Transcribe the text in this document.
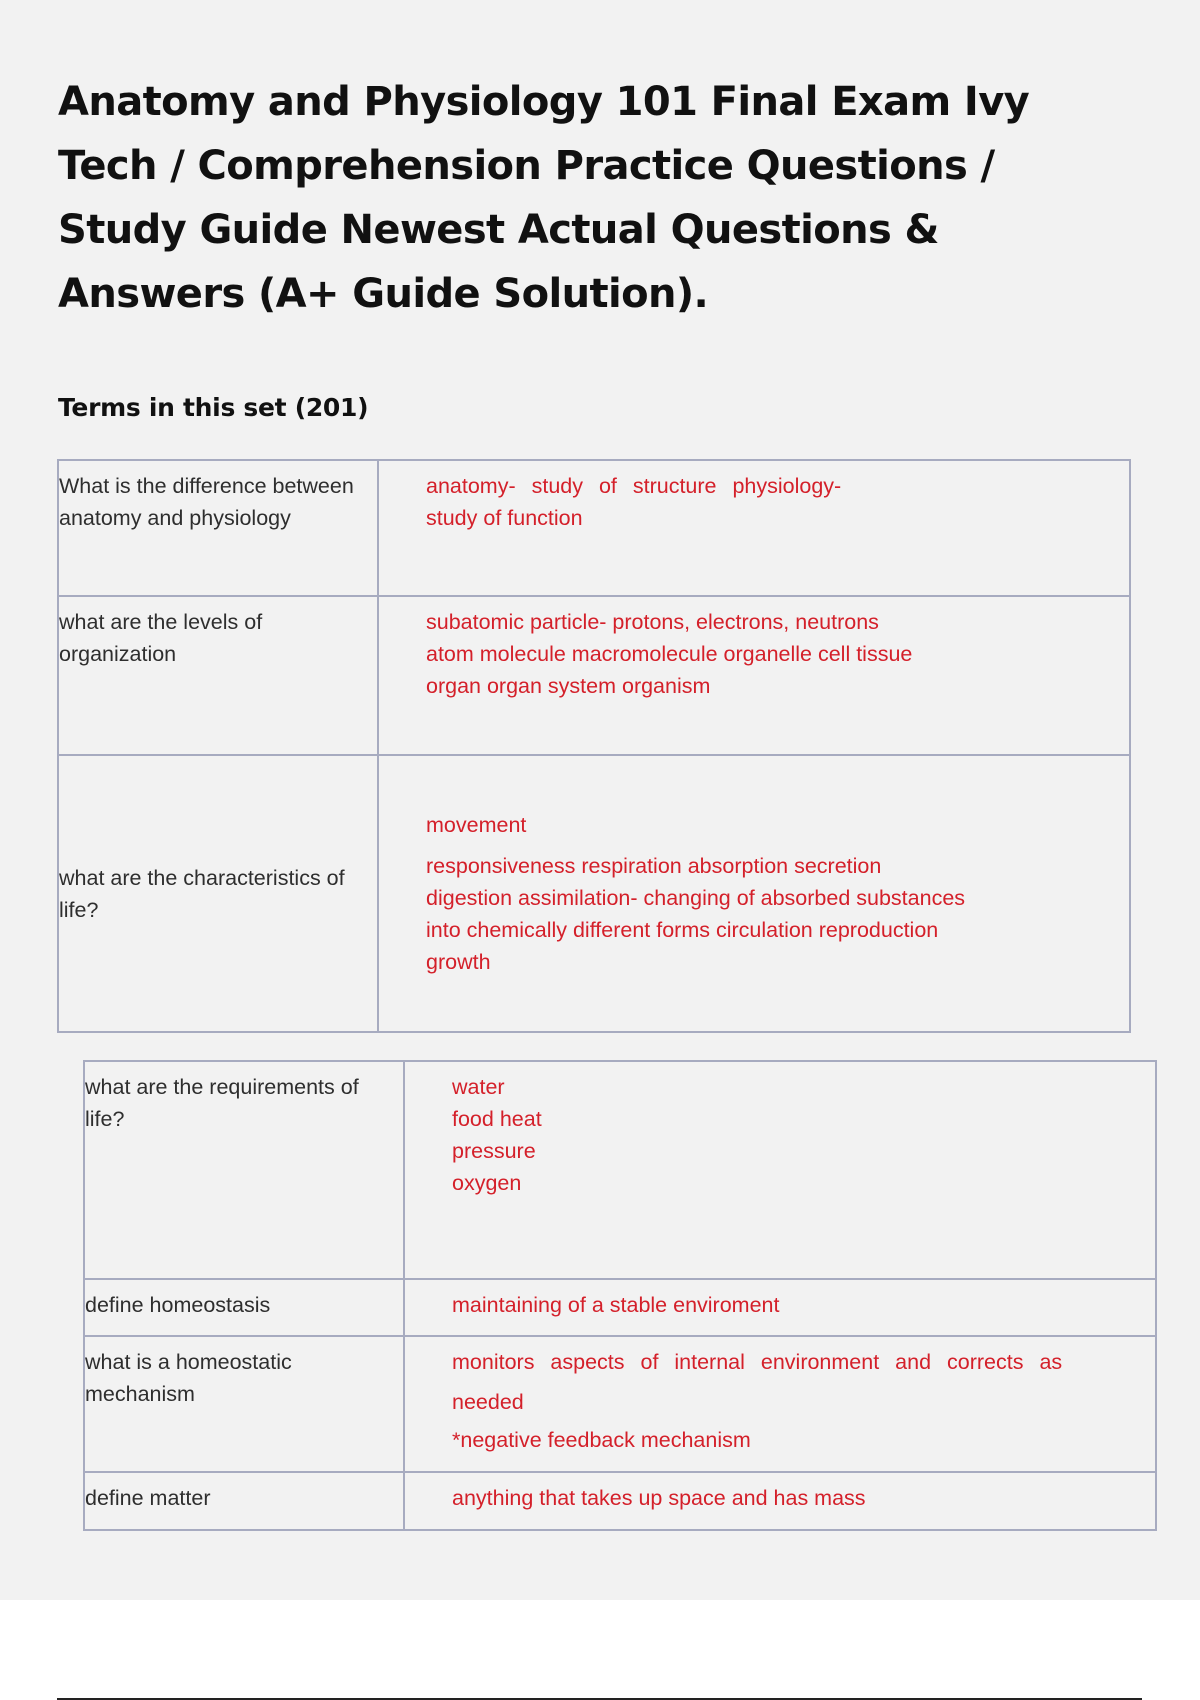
Anatomy and Physiology 101 Final Exam Ivy Tech / Comprehension Practice Questions / Study Guide Newest Actual Questions & Answers (A+ Guide Solution).
Terms in this set (201)
What is the difference between anatomy and physiology	anatomy- study of structure physiology-
study of function

what are the levels of organization	subatomic particle- protons, electrons, neutrons
atom molecule macromolecule organelle cell tissue
organ organ system organism

what are the characteristics of life?	movement
responsiveness respiration absorption secretion
digestion assimilation- changing of absorbed substances
into chemically different forms circulation reproduction
growth
what are the requirements of life?	water
food heat
pressure
oxygen

define homeostasis	maintaining of a stable enviroment

what is a homeostatic mechanism	monitors aspects of internal environment and corrects as
needed
*negative feedback mechanism

define matter	anything that takes up space and has mass
